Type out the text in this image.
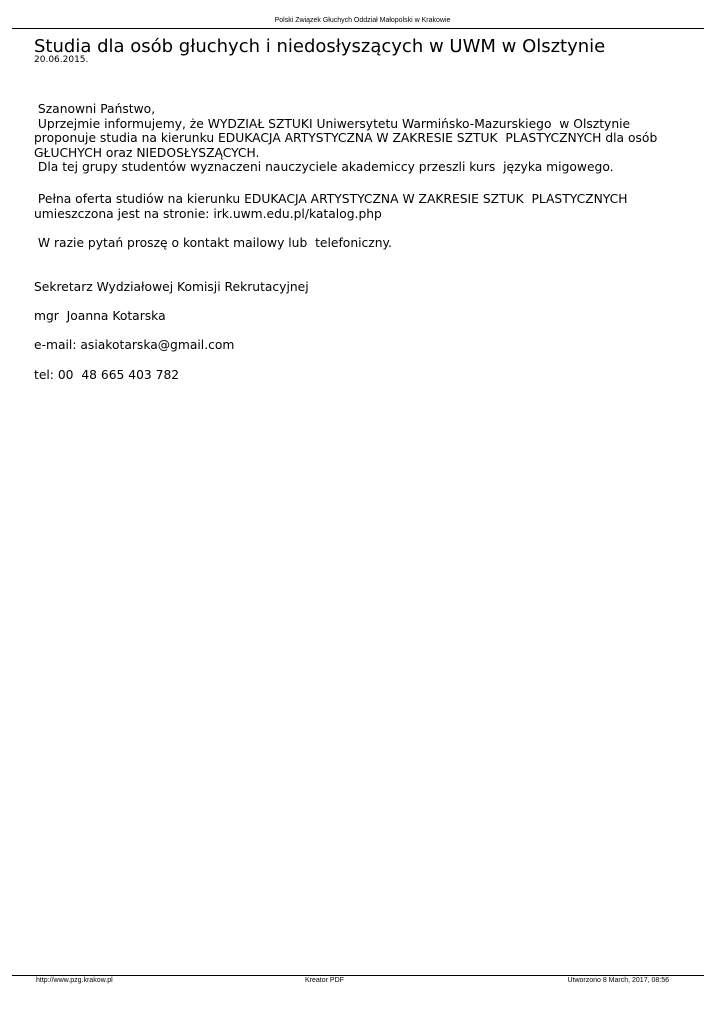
Polski Związek Głuchych Oddział Małopolski w Krakowie
Studia dla osób głuchych i niedosłyszących w UWM w Olsztynie
20.06.2015.

Szanowni Państwo,

Uprzejmie informujemy, że WYDZIAŁ SZTUKI Uniwersytetu Warmińsko-Mazurskiego  w Olsztynie

proponuje studia na kierunku EDUKACJA ARTYSTYCZNA W ZAKRESIE SZTUK  PLASTYCZNYCH dla osób

GŁUCHYCH oraz NIEDOSŁYSZĄCYCH.

Dla tej grupy studentów wyznaczeni nauczyciele akademiccy przeszli kurs  języka migowego.

Pełna oferta studiów na kierunku EDUKACJA ARTYSTYCZNA W ZAKRESIE SZTUK  PLASTYCZNYCH

umieszczona jest na stronie: irk.uwm.edu.pl/katalog.php

W razie pytań proszę o kontakt mailowy lub  telefoniczny.

Sekretarz Wydziałowej Komisji Rekrutacyjnej

mgr  Joanna Kotarska

e-mail: asiakotarska@gmail.com

tel: 00  48 665 403 782

http://www.pzg.krakow.pl	Kreator PDF	Utworzono 8 March, 2017, 08:56
